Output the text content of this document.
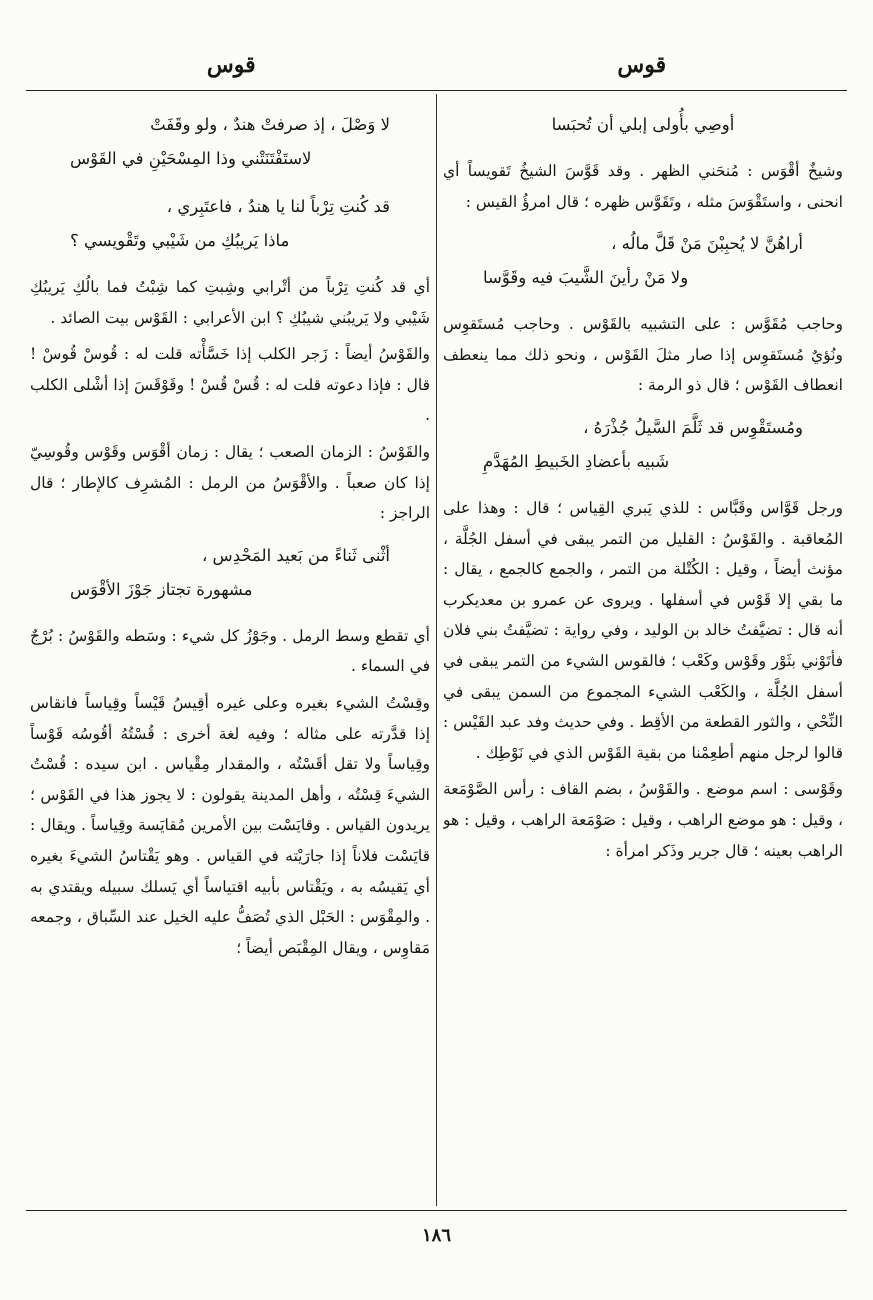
قوس
قوس
أوصِي بأُولى إبلي أن تُحبَسا

وشيخٌ أقْوَس : مُنحَني الظهر . وقد قَوَّسَ الشيخُ تَقويساً أي انحنى ، واستَقْوَسَ مثله ، وتَقَوَّس ظهره ؛ قال امرؤُ القيس :

أراهُنَّ لا يُحبِبْنَ مَنْ قَلَّ مالُه ،
ولا مَنْ رأينَ الشَّيبَ فيه وقَوَّسا

وحاجب مُقَوَّس : على التشبيه بالقَوْس . وحاجب مُستَقوِس ونُؤيٌ مُستَقوِس إذا صار مثلَ القَوْس ، ونحو ذلك مما ينعطف انعطاف القَوْس ؛ قال ذو الرمة :

ومُستَقْوِس قد ثَلَّمَ السَّيلُ جُذْرَهُ ،
شَبيه بأعضادِ الخَبيطِ المُهَدَّمِ

ورجل قَوَّاس وقَبَّاس : للذي يَبري القِياس ؛ قال : وهذا على المُعاقبة . والقَوْسُ : القليل من التمر يبقى في أسفل الجُلَّة ، مؤنث أيضاً ، وقيل : الكُتْلة من التمر ، والجمع كالجمع ، يقال : ما بقي إلا قَوْس في أسفلها . ويروى عن عمرو بن معديكرب أنه قال : تضيَّفتُ خالد بن الوليد ، وفي رواية : تضيَّفتُ بني فلان فأتَوْني بثَوْر وقَوْس وكَعْب ؛ فالقوس الشيء من التمر يبقى في أسفل الجُلَّة ، والكَعْب الشيء المجموع من السمن يبقى في النِّحْي ، والثور القطعة من الأقِط . وفي حديث وفد عبد القَيْس : قالوا لرجل منهم أطعِمْنا من بقية القَوْس الذي في نَوْطِك .

وقَوْسى : اسم موضع . والقَوْسُ ، بضم القاف : رأس الصَّوْمَعة ، وقيل : هو موضع الراهب ، وقيل : صَوْمَعة الراهب ، وقيل : هو الراهب بعينه ؛ قال جرير وذَكر امرأة :

لا وَصْلَ ، إذ صرفتْ هندٌ ، ولو وقَفَتْ
لاستَفْتَنَتْني وذا المِسْحَيْنِ في القَوْس
قد كُنتِ تِرْباً لنا يا هندُ ، فاعتَبِري ،
ماذا يَريبُكِ من شَيْبي وتَقْويسي ؟

أي قد كُنتِ تِرْباً من أتْرابي وشِبتِ كما شِبْتُ فما بالُكِ يَريبُكِ شَيْبي ولا يَريبُني شيبُكِ ؟ ابن الأعرابي : القَوْس بيت الصائد .

والقَوْسُ أيضاً : زَجر الكلب إذا خَسَّأْته قلت له : قُوسْ قُوسْ ! قال : فإذا دعوته قلت له : قُسْ قُسْ ! وقَوْقَسَ إذا أشْلى الكلب .

والقَوْسُ : الزمان الصعب ؛ يقال : زمان أقْوَس وقَوْس وقُوسِيّ إذا كان صعباً . والأقْوَسُ من الرمل : المُشرِف كالإطار ؛ قال الراجز :

أثْنى ثَناءً من بَعيد المَحْدِس ،
مشهورة تجتاز جَوْزَ الأقْوَس

أي تقطع وسط الرمل . وجَوْزُ كل شيء : وسَطه والقَوْسُ : بُرْجٌ في السماء .

وقِسْتُ الشيء بغيره وعلى غيره أقِيسُ قَيْساً وقِياساً فانقاس إذا قدَّرته على مثاله ؛ وفيه لغة أخرى : قُسْتُهُ أقُوسُه قَوْساً وقِياساً ولا تقل أقَسْتُه ، والمقدار مِقْياس . ابن سيده : قُسْتُ الشيءَ قِسْتُه ، وأهل المدينة يقولون : لا يجوز هذا في القَوْس ؛ يريدون القياس . وقايَسْت بين الأمرين مُقايَسة وقِياساً . ويقال : قايَسْت فلاناً إذا جارَيْته في القياس . وهو يَقْتاسُ الشيءَ بغيره أي يَقيسُه به ، ويَقْتاس بأبيه اقتياساً أي يَسلك سبيله ويقتدي به . والمِقْوَس : الحَبْل الذي تُصَفُّ عليه الخيل عند السِّباق ، وجمعه مَقاوِس ، ويقال المِقْبَص أيضاً ؛

١٨٦
